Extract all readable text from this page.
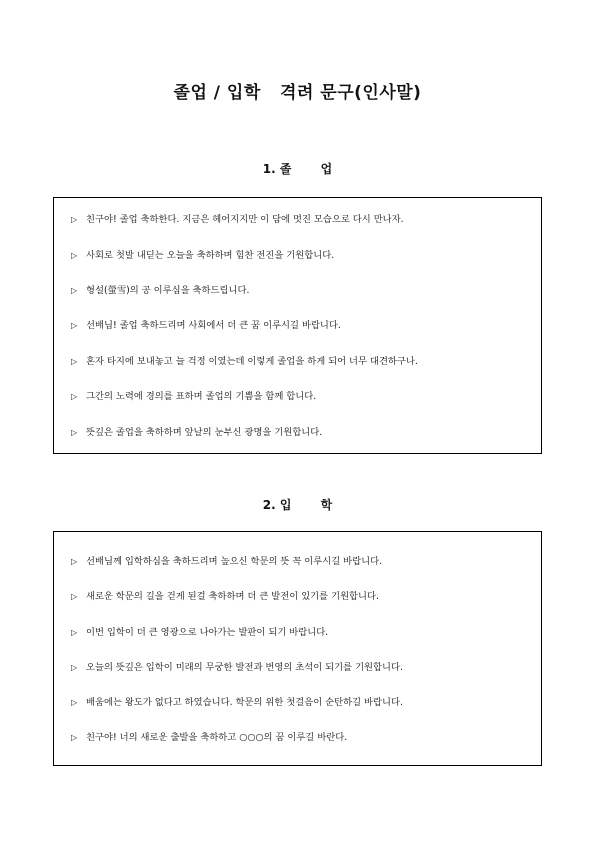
졸업 / 입학   격려 문구(인사말)
1. 졸       업
▷ 친구야! 졸업 축하한다. 지금은 헤어지지만 이 담에 멋진 모습으로 다시 만나자.
▷ 사회로 첫발 내딛는 오늘을 축하하며 힘찬 전진을 기원합니다.
▷ 형설(螢雪)의 공 이루심을 축하드립니다.
▷ 선배님! 졸업 축하드리며 사회에서 더 큰 꿈 이루시길 바랍니다.
▷ 혼자 타지에 보내놓고 늘 걱정 이였는데 이렇게 졸업을 하게 되어 너무 대견하구나.
▷ 그간의 노력에 경의를 표하며 졸업의 기쁨을 함께 합니다.
▷ 뜻깊은 졸업을 축하하며 앞날의 눈부신 광명을 기원합니다.
2. 입       학
▷ 선배님께 입학하심을 축하드리며 높으신 학문의 뜻 꼭 이루시길 바랍니다.
▷ 새로운 학문의 길을 걷게 된걸 축하하며 더 큰 발전이 있기를 기원합니다.
▷ 이번 입학이 더 큰 영광으로 나아가는 발판이 되기 바랍니다.
▷ 오늘의 뜻깊은 입학이 미래의 무궁한 발전과 번영의 초석이 되기를 기원합니다.
▷ 배움에는 왕도가 없다고 하였습니다. 학문의 위한 첫걸음이 순탄하길 바랍니다.
▷ 친구야! 너의 새로운 출발을 축하하고 ○○○의 꿈 이루길 바란다.
